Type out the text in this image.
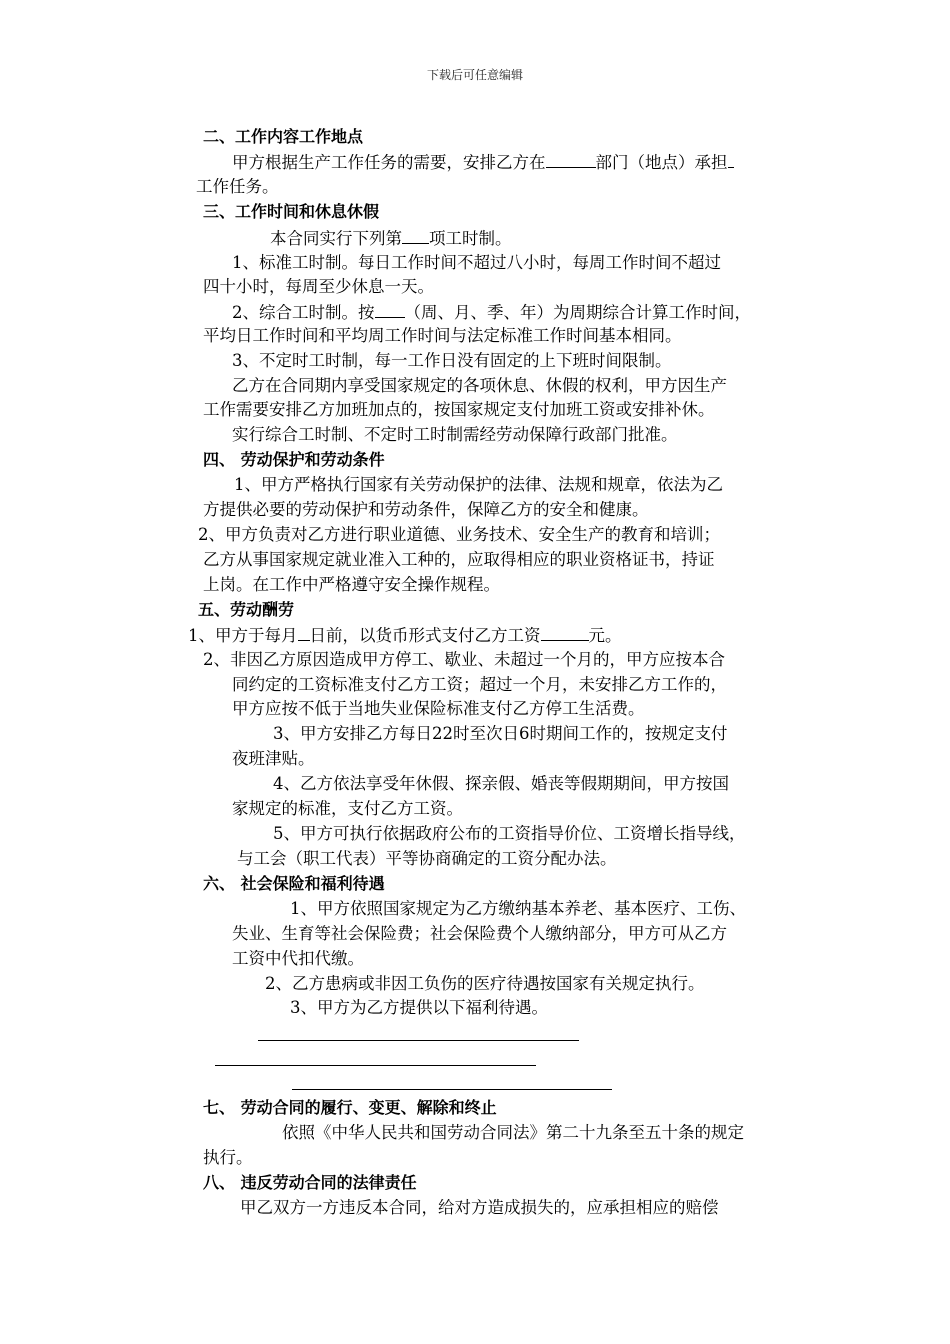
下载后可任意编辑
二、工作内容工作地点
甲方根据生产工作任务的需要，安排乙方在	部门（地点）承担
工作任务。
三、工作时间和休息休假
本合同实行下列第 项工时制。
1、标准工时制。每日工作时间不超过八小时，每周工作时间不超过
四十小时，每周至少休息一天。
2、综合工时制。按 （周、月、季、年）为周期综合计算工作时间，
平均日工作时间和平均周工作时间与法定标准工作时间基本相同。
3、不定时工时制，每一工作日没有固定的上下班时间限制。
乙方在合同期内享受国家规定的各项休息、休假的权利，甲方因生产
工作需要安排乙方加班加点的，按国家规定支付加班工资或安排补休。
实行综合工时制、不定时工时制需经劳动保障行政部门批准。
四、 劳动保护和劳动条件
1、甲方严格执行国家有关劳动保护的法律、法规和规章，依法为乙
方提供必要的劳动保护和劳动条件，保障乙方的安全和健康。
2、甲方负责对乙方进行职业道德、业务技术、安全生产的教育和培训；
乙方从事国家规定就业准入工种的，应取得相应的职业资格证书，持证
上岗。在工作中严格遵守安全操作规程。
五、劳动酬劳
1、甲方于每月 日前，以货币形式支付乙方工资	元。
2、非因乙方原因造成甲方停工、歇业、未超过一个月的，甲方应按本合
同约定的工资标准支付乙方工资；超过一个月，未安排乙方工作的，
甲方应按不低于当地失业保险标准支付乙方停工生活费。
3、甲方安排乙方每日22时至次日6时期间工作的，按规定支付
夜班津贴。
4、乙方依法享受年休假、探亲假、婚丧等假期期间，甲方按国
家规定的标准，支付乙方工资。
5、甲方可执行依据政府公布的工资指导价位、工资增长指导线，
与工会（职工代表）平等协商确定的工资分配办法。
六、 社会保险和福利待遇
1、甲方依照国家规定为乙方缴纳基本养老、基本医疗、工伤、
失业、生育等社会保险费；社会保险费个人缴纳部分，甲方可从乙方
工资中代扣代缴。
2、乙方患病或非因工负伤的医疗待遇按国家有关规定执行。
3、甲方为乙方提供以下福利待遇。
七、 劳动合同的履行、变更、解除和终止
依照《中华人民共和国劳动合同法》第二十九条至五十条的规定
执行。
八、 违反劳动合同的法律责任
甲乙双方一方违反本合同，给对方造成损失的，应承担相应的赔偿
